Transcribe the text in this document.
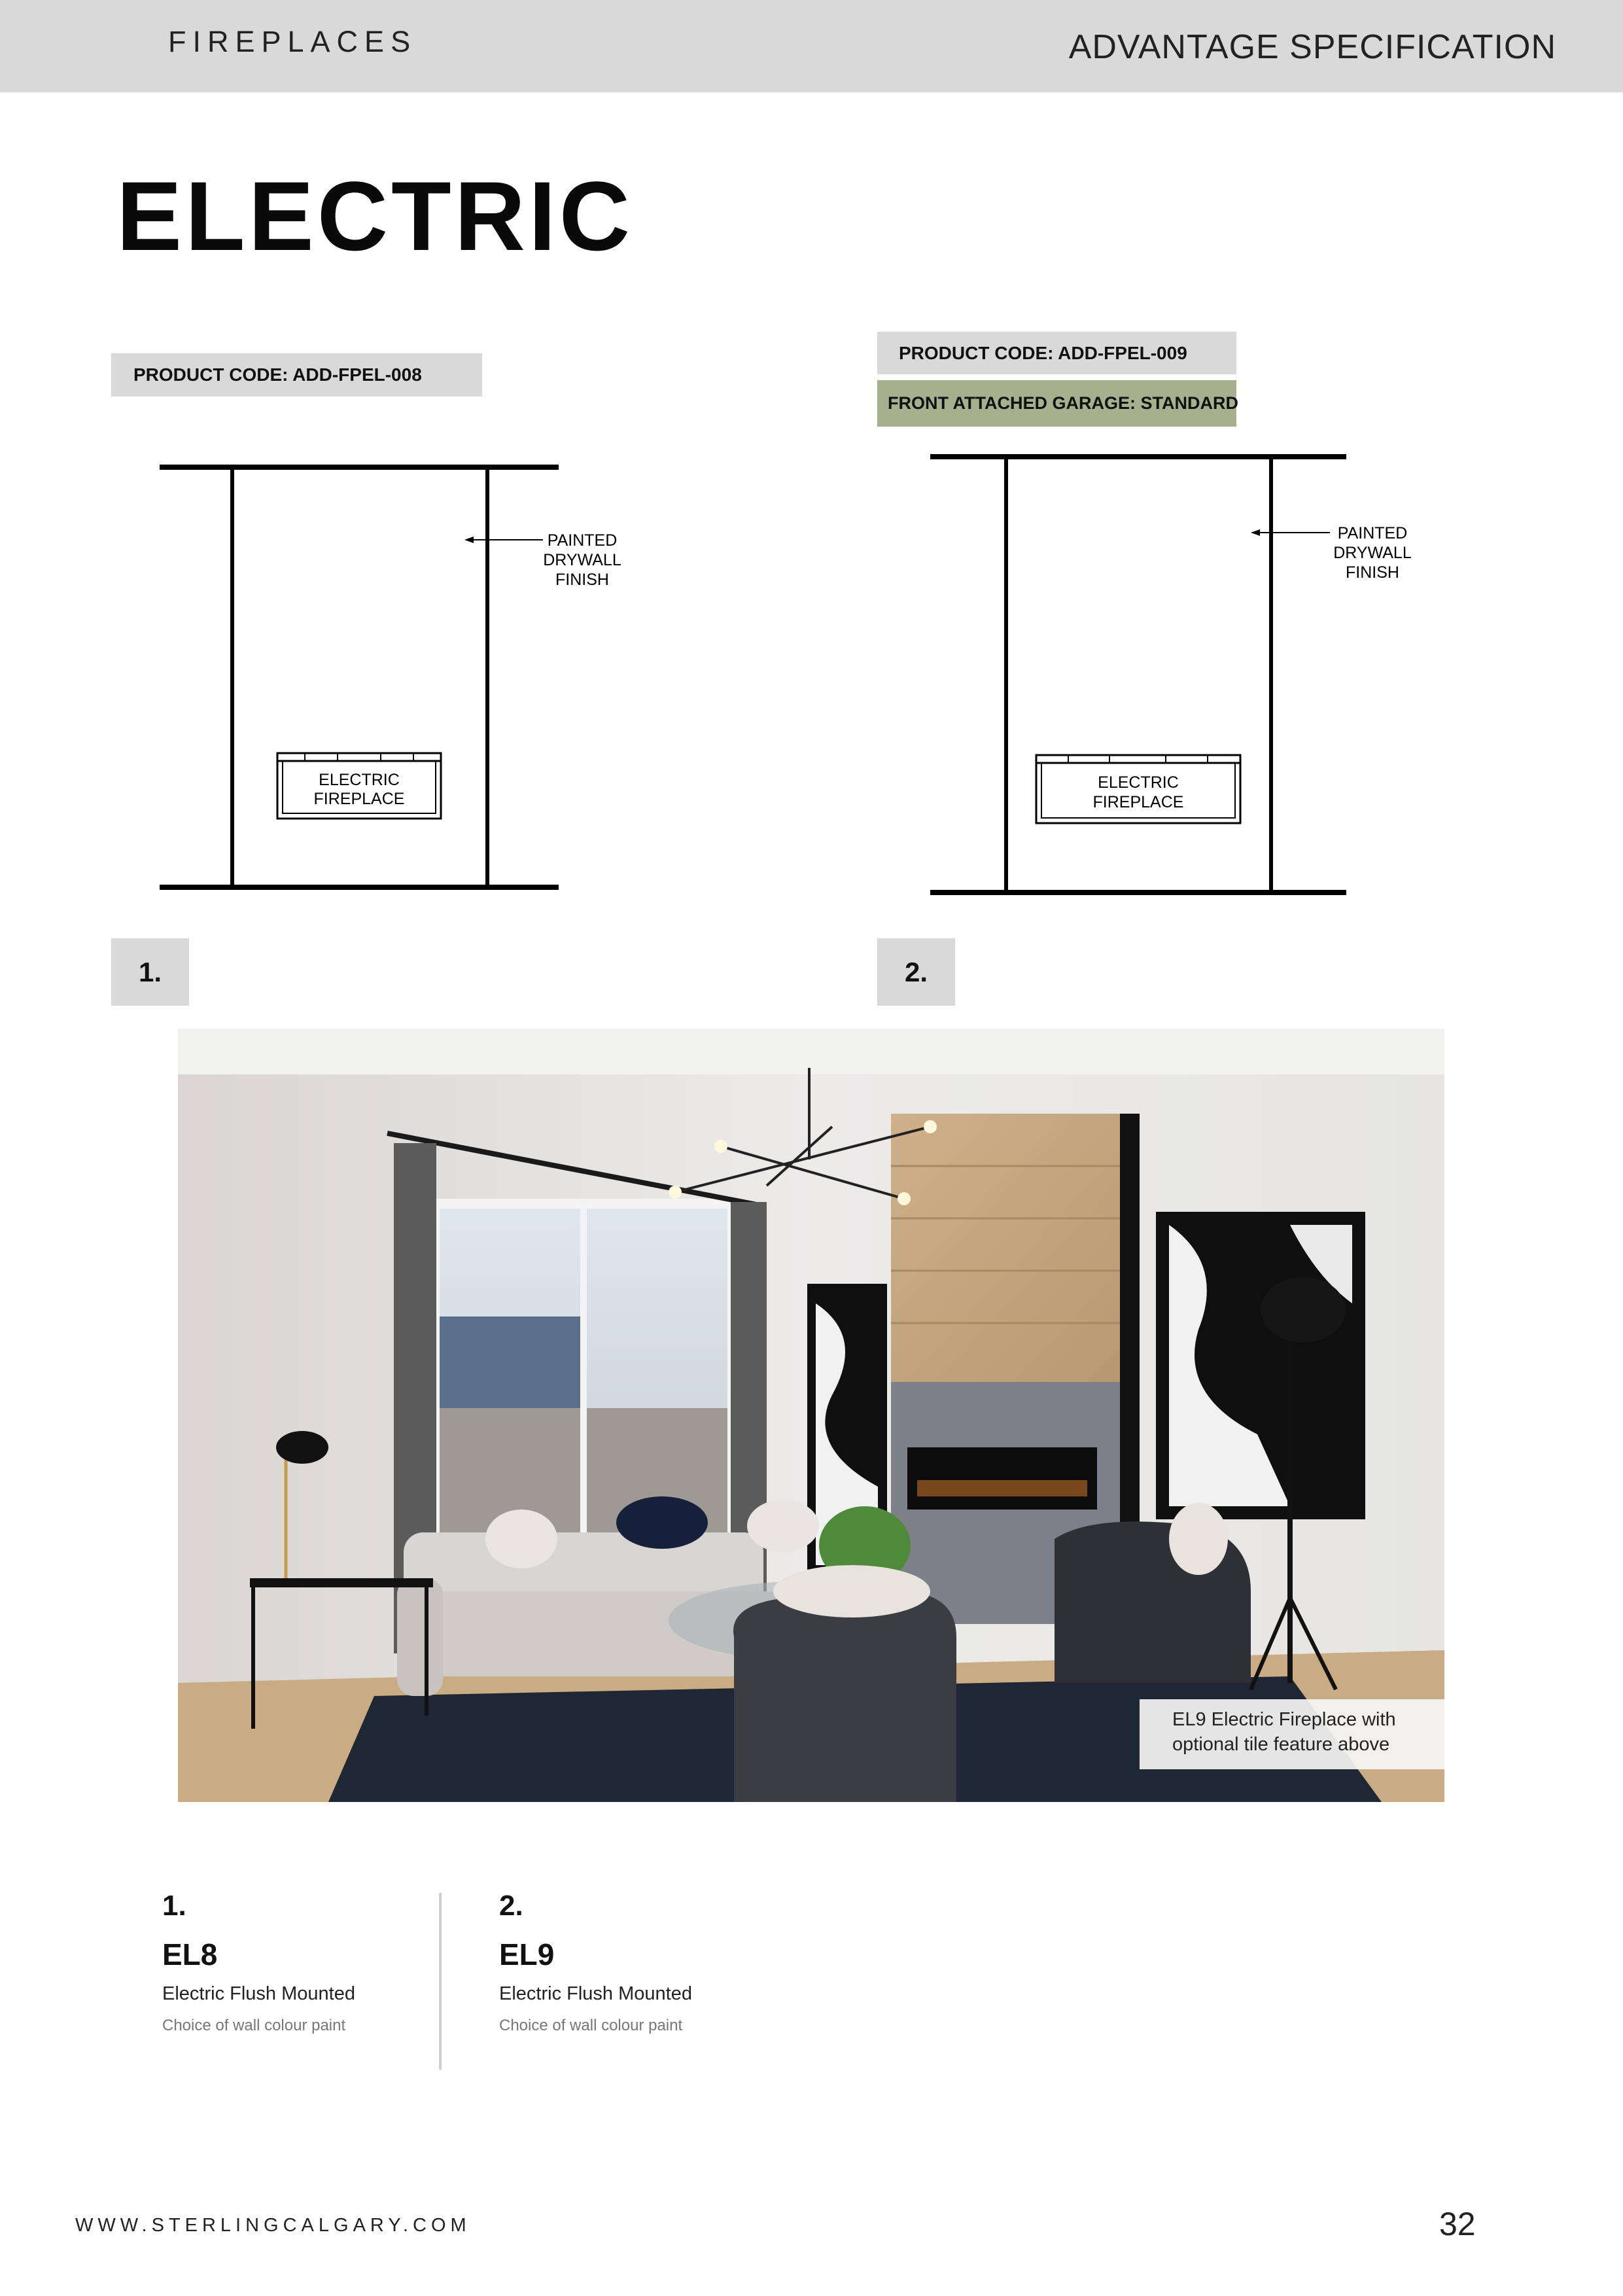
FIREPLACES	ADVANTAGE SPECIFICATION
ELECTRIC
PRODUCT CODE: ADD-FPEL-008
PRODUCT CODE: ADD-FPEL-009
FRONT ATTACHED GARAGE: STANDARD
PAINTED
DRYWALL
FINISH
ELECTRIC
FIREPLACE
PAINTED
DRYWALL
FINISH
ELECTRIC
FIREPLACE
1.	2.
EL9 Electric Fireplace with
optional tile feature above
1.
EL8
Electric Flush Mounted
Choice of wall colour paint
2.
EL9
Electric Flush Mounted
Choice of wall colour paint
WWW.STERLINGCALGARY.COM	32
